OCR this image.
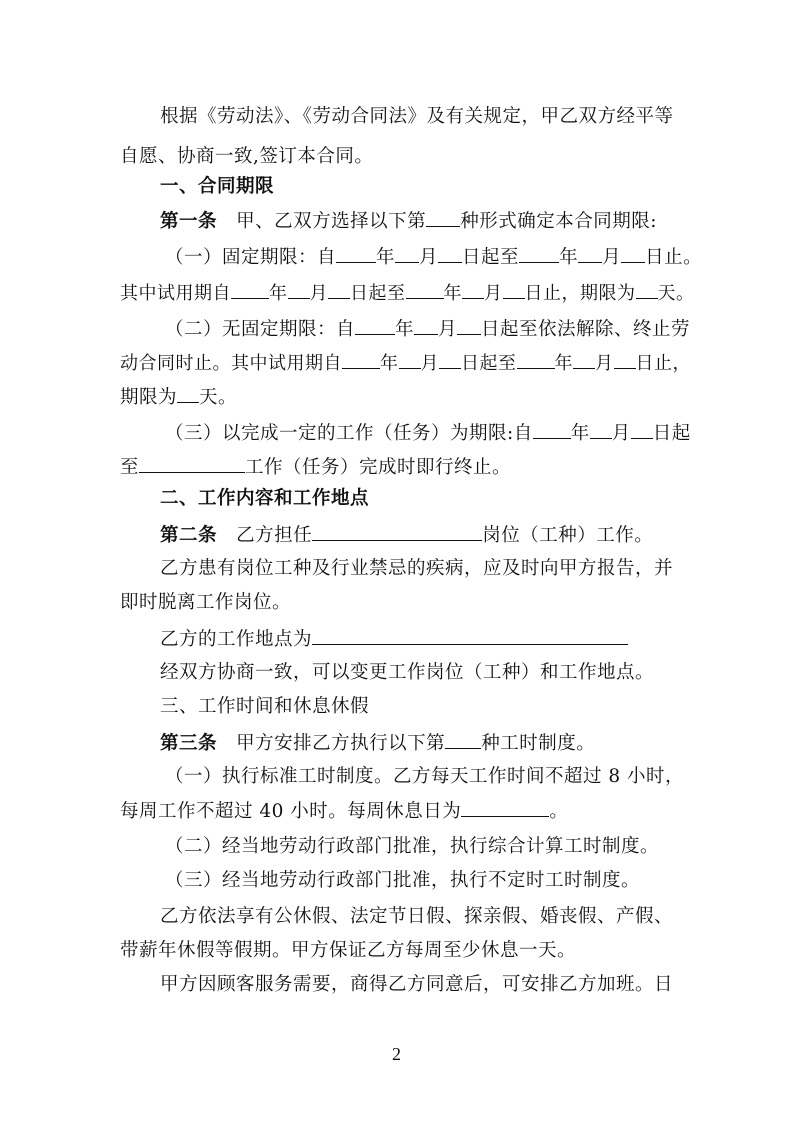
根据《劳动法》、《劳动合同法》及有关规定，甲乙双方经平等
自愿、协商一致,签订本合同。
一、合同期限
第一条 甲、乙双方选择以下第 种形式确定本合同期限:
（一）固定期限：自 年 月 日起至 年 月 日止。
其中试用期自 年 月 日起至 年 月 日止，期限为 天。
（二）无固定期限：自 年 月 日起至依法解除、终止劳
动合同时止。其中试用期自 年 月 日起至 年 月 日止，
期限为 天。
（三）以完成一定的工作（任务）为期限:自 年 月 日起
至	工作（任务）完成时即行终止。
二、工作内容和工作地点
第二条 乙方担任	岗位（工种）工作。
乙方患有岗位工种及行业禁忌的疾病，应及时向甲方报告，并
即时脱离工作岗位。
乙方的工作地点为
经双方协商一致，可以变更工作岗位（工种）和工作地点。
三、工作时间和休息休假
第三条 甲方安排乙方执行以下第 种工时制度。
（一）执行标准工时制度。乙方每天工作时间不超过 8 小时，
每周工作不超过 40 小时。每周休息日为	。
（二）经当地劳动行政部门批准，执行综合计算工时制度。
（三）经当地劳动行政部门批准，执行不定时工时制度。
乙方依法享有公休假、法定节日假、探亲假、婚丧假、产假、
带薪年休假等假期。甲方保证乙方每周至少休息一天。
甲方因顾客服务需要，商得乙方同意后，可安排乙方加班。日
2
